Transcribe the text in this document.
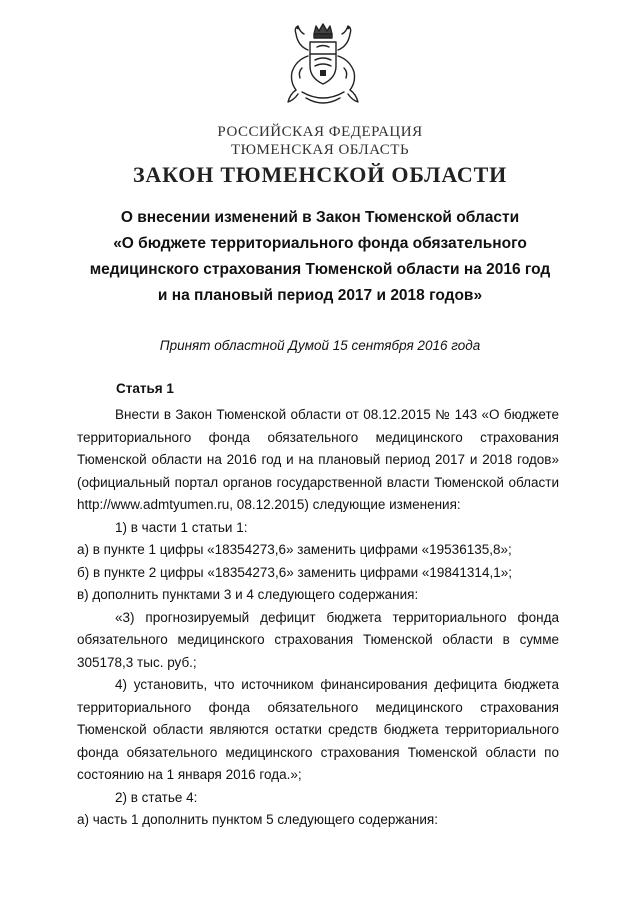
РОССИЙСКАЯ ФЕДЕРАЦИЯ
ТЮМЕНСКАЯ ОБЛАСТЬ
ЗАКОН ТЮМЕНСКОЙ ОБЛАСТИ
О внесении изменений в Закон Тюменской области
«О бюджете территориального фонда обязательного
медицинского страхования Тюменской области на 2016 год
и на плановый период 2017 и 2018 годов»
Принят областной Думой 15 сентября 2016 года
Статья 1

Внести в Закон Тюменской области от 08.12.2015 № 143 «О бюджете территориального фонда обязательного медицинского страхования Тюменской области на 2016 год и на плановый период 2017 и 2018 годов» (официальный портал органов государственной власти Тюменской области http://www.admtyumen.ru, 08.12.2015) следующие изменения:

1) в части 1 статьи 1:

а) в пункте 1 цифры «18354273,6» заменить цифрами «19536135,8»;

б) в пункте 2 цифры «18354273,6» заменить цифрами «19841314,1»;

в) дополнить пунктами 3 и 4 следующего содержания:

«3) прогнозируемый дефицит бюджета территориального фонда обязательного медицинского страхования Тюменской области в сумме 305178,3 тыс. руб.;

4) установить, что источником финансирования дефицита бюджета территориального фонда обязательного медицинского страхования Тюменской области являются остатки средств бюджета территориального фонда обязательного медицинского страхования Тюменской области по состоянию на 1 января 2016 года.»;

2) в статье 4:

а) часть 1 дополнить пунктом 5 следующего содержания:
